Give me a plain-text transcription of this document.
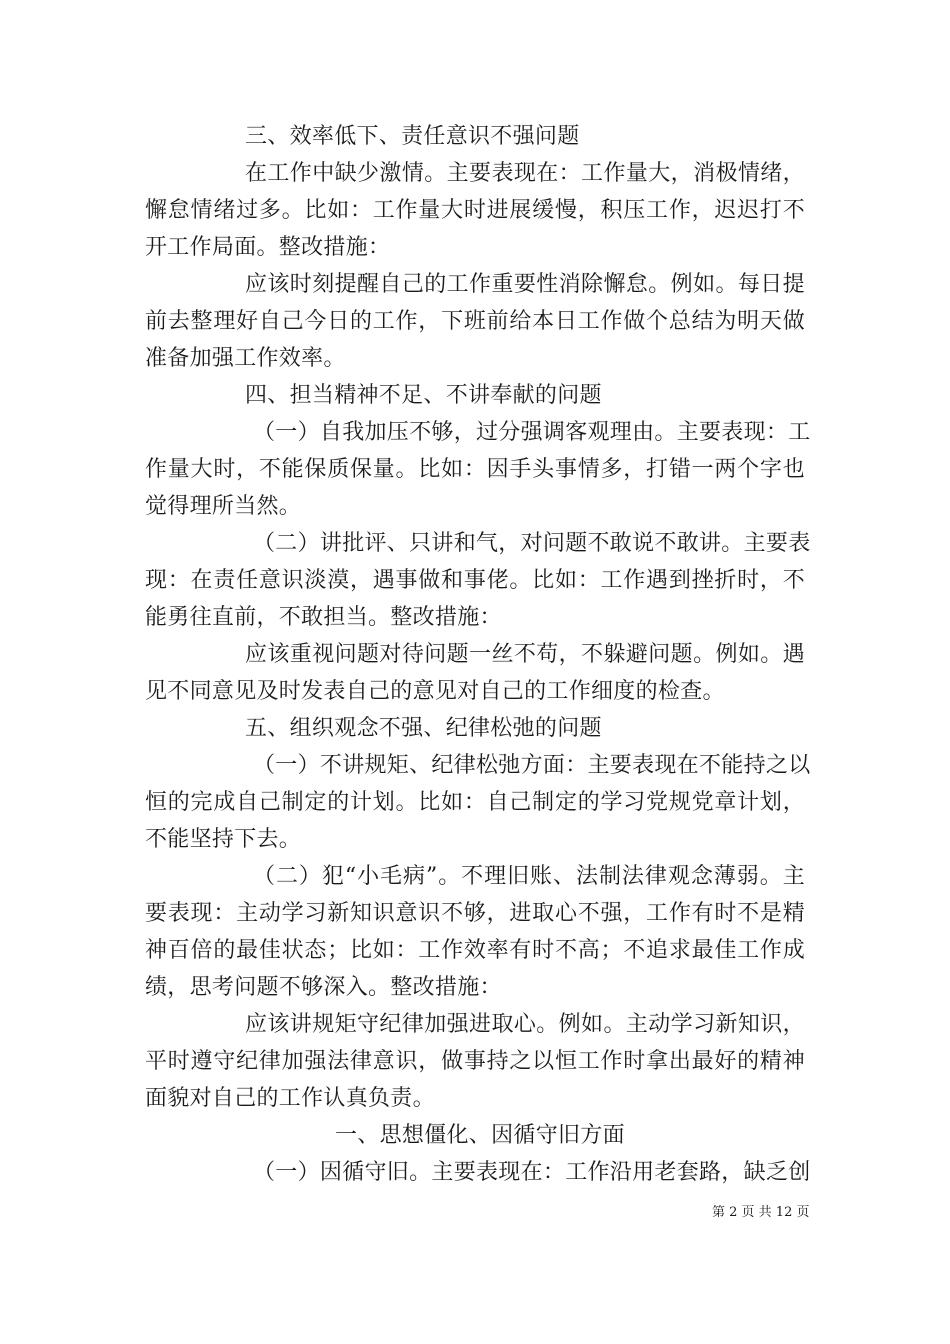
三、效率低下、责任意识不强问题
在工作中缺少激情。主要表现在：工作量大，消极情绪，
懈怠情绪过多。比如：工作量大时进展缓慢，积压工作，迟迟打不
开工作局面。整改措施：
应该时刻提醒自己的工作重要性消除懈怠。例如。每日提
前去整理好自己今日的工作，下班前给本日工作做个总结为明天做
准备加强工作效率。
四、担当精神不足、不讲奉献的问题
（一）自我加压不够，过分强调客观理由。主要表现：工
作量大时，不能保质保量。比如：因手头事情多，打错一两个字也
觉得理所当然。
（二）讲批评、只讲和气，对问题不敢说不敢讲。主要表
现：在责任意识淡漠，遇事做和事佬。比如：工作遇到挫折时，不
能勇往直前，不敢担当。整改措施：
应该重视问题对待问题一丝不苟，不躲避问题。例如。遇
见不同意见及时发表自己的意见对自己的工作细度的检查。
五、组织观念不强、纪律松弛的问题
（一）不讲规矩、纪律松弛方面：主要表现在不能持之以
恒的完成自己制定的计划。比如：自己制定的学习党规党章计划，
不能坚持下去。
（二）犯“小毛病”。不理旧账、法制法律观念薄弱。主
要表现：主动学习新知识意识不够，进取心不强，工作有时不是精
神百倍的最佳状态；比如：工作效率有时不高；不追求最佳工作成
绩，思考问题不够深入。整改措施：
应该讲规矩守纪律加强进取心。例如。主动学习新知识，
平时遵守纪律加强法律意识，做事持之以恒工作时拿出最好的精神
面貌对自己的工作认真负责。
一、思想僵化、因循守旧方面
（一）因循守旧。主要表现在：工作沿用老套路，缺乏创
第 2 页 共 12 页
